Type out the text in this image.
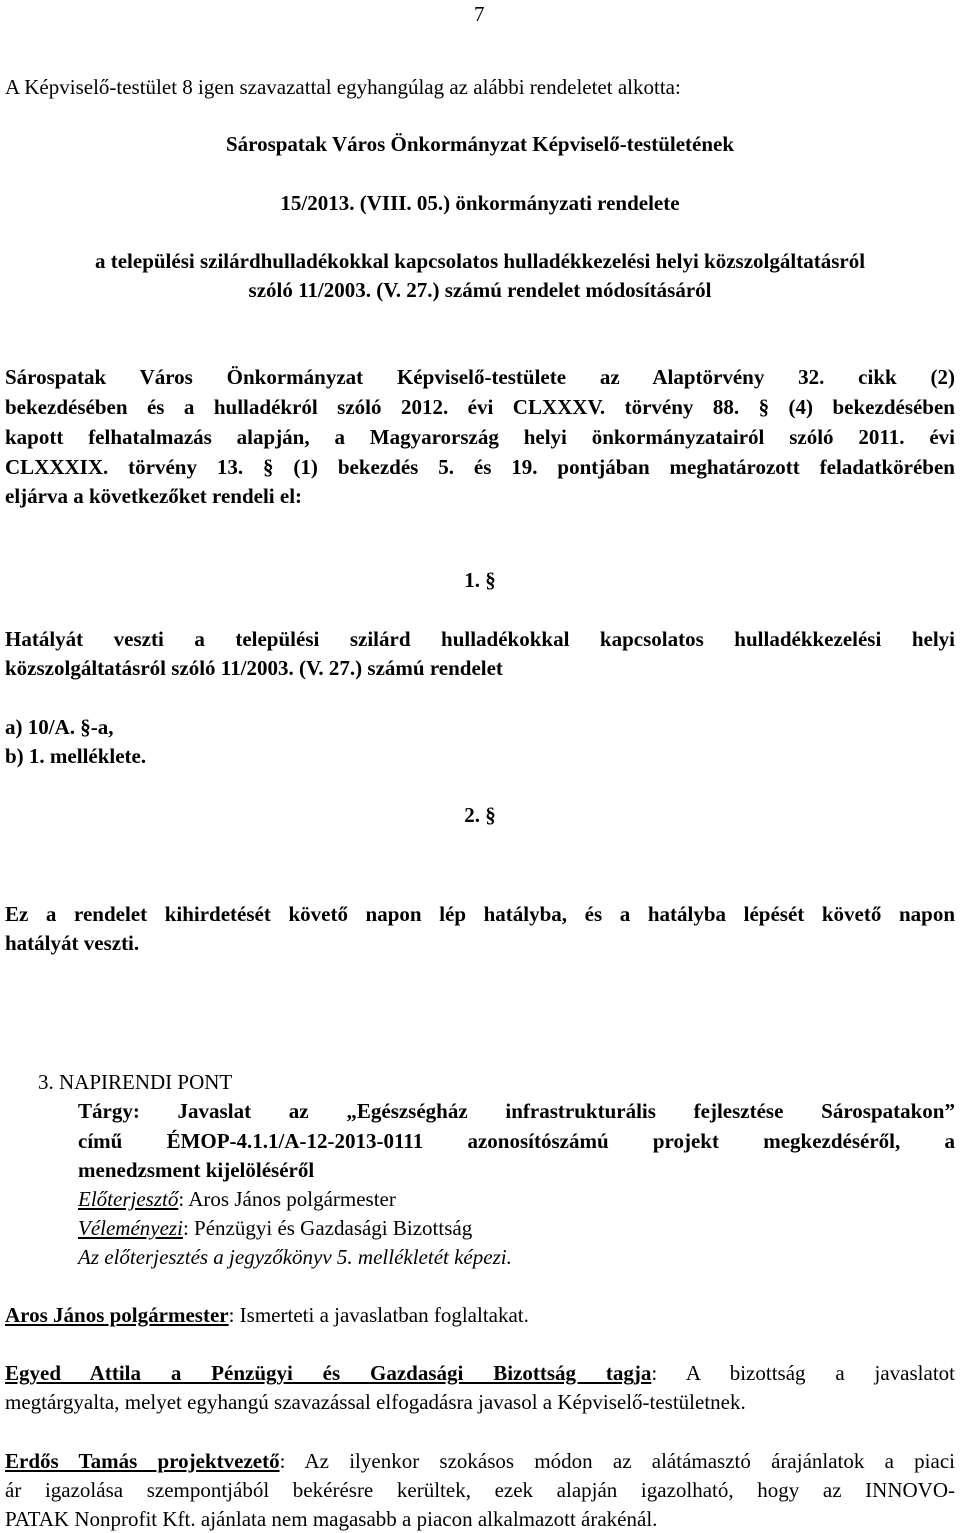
7
A Képviselő-testület 8 igen szavazattal egyhangúlag az alábbi rendeletet alkotta:
Sárospatak Város Önkormányzat Képviselő-testületének
15/2013. (VIII. 05.) önkormányzati rendelete
a települési szilárdhulladékokkal kapcsolatos hulladékkezelési helyi közszolgáltatásról
szóló 11/2003. (V. 27.) számú rendelet módosításáról
Sárospatak Város Önkormányzat Képviselő-testülete az Alaptörvény 32. cikk (2)
bekezdésében és a hulladékról szóló 2012. évi CLXXXV. törvény 88. § (4) bekezdésében
kapott felhatalmazás alapján, a Magyarország helyi önkormányzatairól szóló 2011. évi
CLXXXIX. törvény 13. § (1) bekezdés 5. és 19. pontjában meghatározott feladatkörében
eljárva a következőket rendeli el:
1. §
Hatályát veszti a települési szilárd hulladékokkal kapcsolatos hulladékkezelési helyi
közszolgáltatásról szóló 11/2003. (V. 27.) számú rendelet
a) 10/A. §-a,
b) 1. melléklete.
2. §
Ez a rendelet kihirdetését követő napon lép hatályba, és a hatályba lépését követő napon
hatályát veszti.
3. NAPIRENDI PONT
Tárgy: Javaslat az „Egészségház infrastrukturális fejlesztése Sárospatakon”
című ÉMOP-4.1.1/A-12-2013-0111 azonosítószámú projekt megkezdéséről, a
menedzsment kijelöléséről
Előterjesztő: Aros János polgármester
Véleményezi: Pénzügyi és Gazdasági Bizottság
Az előterjesztés a jegyzőkönyv 5. mellékletét képezi.
Aros János polgármester: Ismerteti a javaslatban foglaltakat.
Egyed Attila a Pénzügyi és Gazdasági Bizottság tagja: A bizottság a javaslatot
megtárgyalta, melyet egyhangú szavazással elfogadásra javasol a Képviselő-testületnek.
Erdős Tamás projektvezető: Az ilyenkor szokásos módon az alátámasztó árajánlatok a piaci
ár igazolása szempontjából bekérésre kerültek, ezek alapján igazolható, hogy az INNOVO-
PATAK Nonprofit Kft. ajánlata nem magasabb a piacon alkalmazott árakénál.
